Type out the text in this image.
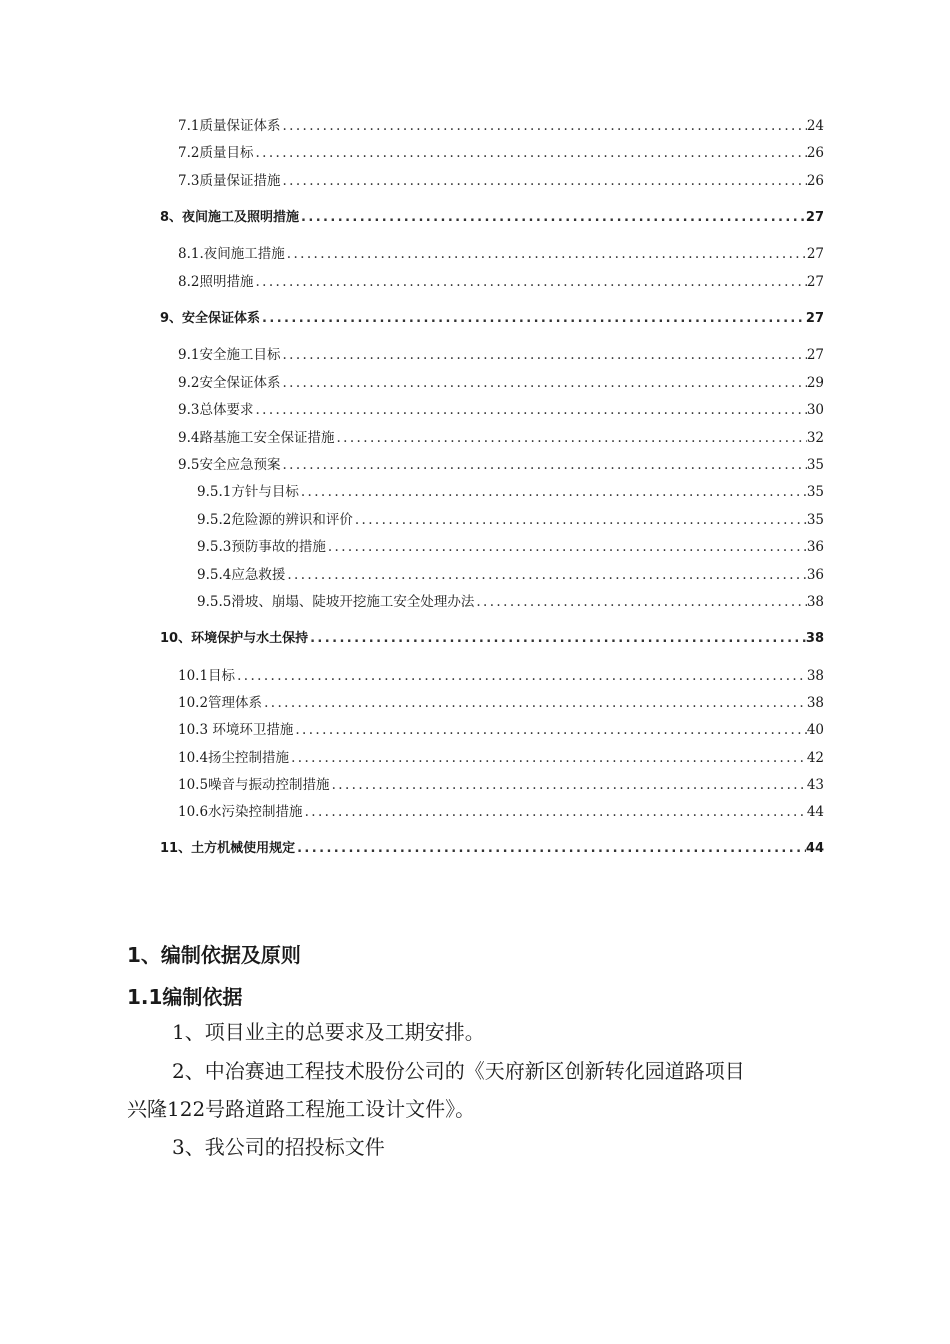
7.1质量保证体系 .....	24
7.2质量目标 .....	26
7.3质量保证措施 .....	26
8、夜间施工及照明措施 .....	27
8.1.夜间施工措施 .....	27
8.2照明措施 .....	27
9、安全保证体系 .....	27
9.1安全施工目标 .....	27
9.2安全保证体系 .....	29
9.3总体要求 .....	30
9.4路基施工安全保证措施 .....	32
9.5安全应急预案 .....	35
9.5.1方针与目标 .....	35
9.5.2危险源的辨识和评价 .....	35
9.5.3预防事故的措施 .....	36
9.5.4应急救援 .....	36
9.5.5滑坡、崩塌、陡坡开挖施工安全处理办法 .....	38
10、环境保护与水土保持 .....	38
10.1目标 .....	38
10.2管理体系 .....	38
10.3 环境环卫措施 .....	40
10.4扬尘控制措施 .....	42
10.5噪音与振动控制措施 .....	43
10.6水污染控制措施 .....	44
11、土方机械使用规定 .....	44
1、编制依据及原则
1.1编制依据
1、项目业主的总要求及工期安排。
2、中冶赛迪工程技术股份公司的《天府新区创新转化园道路项目
兴隆122号路道路工程施工设计文件》。
3、我公司的招投标文件
